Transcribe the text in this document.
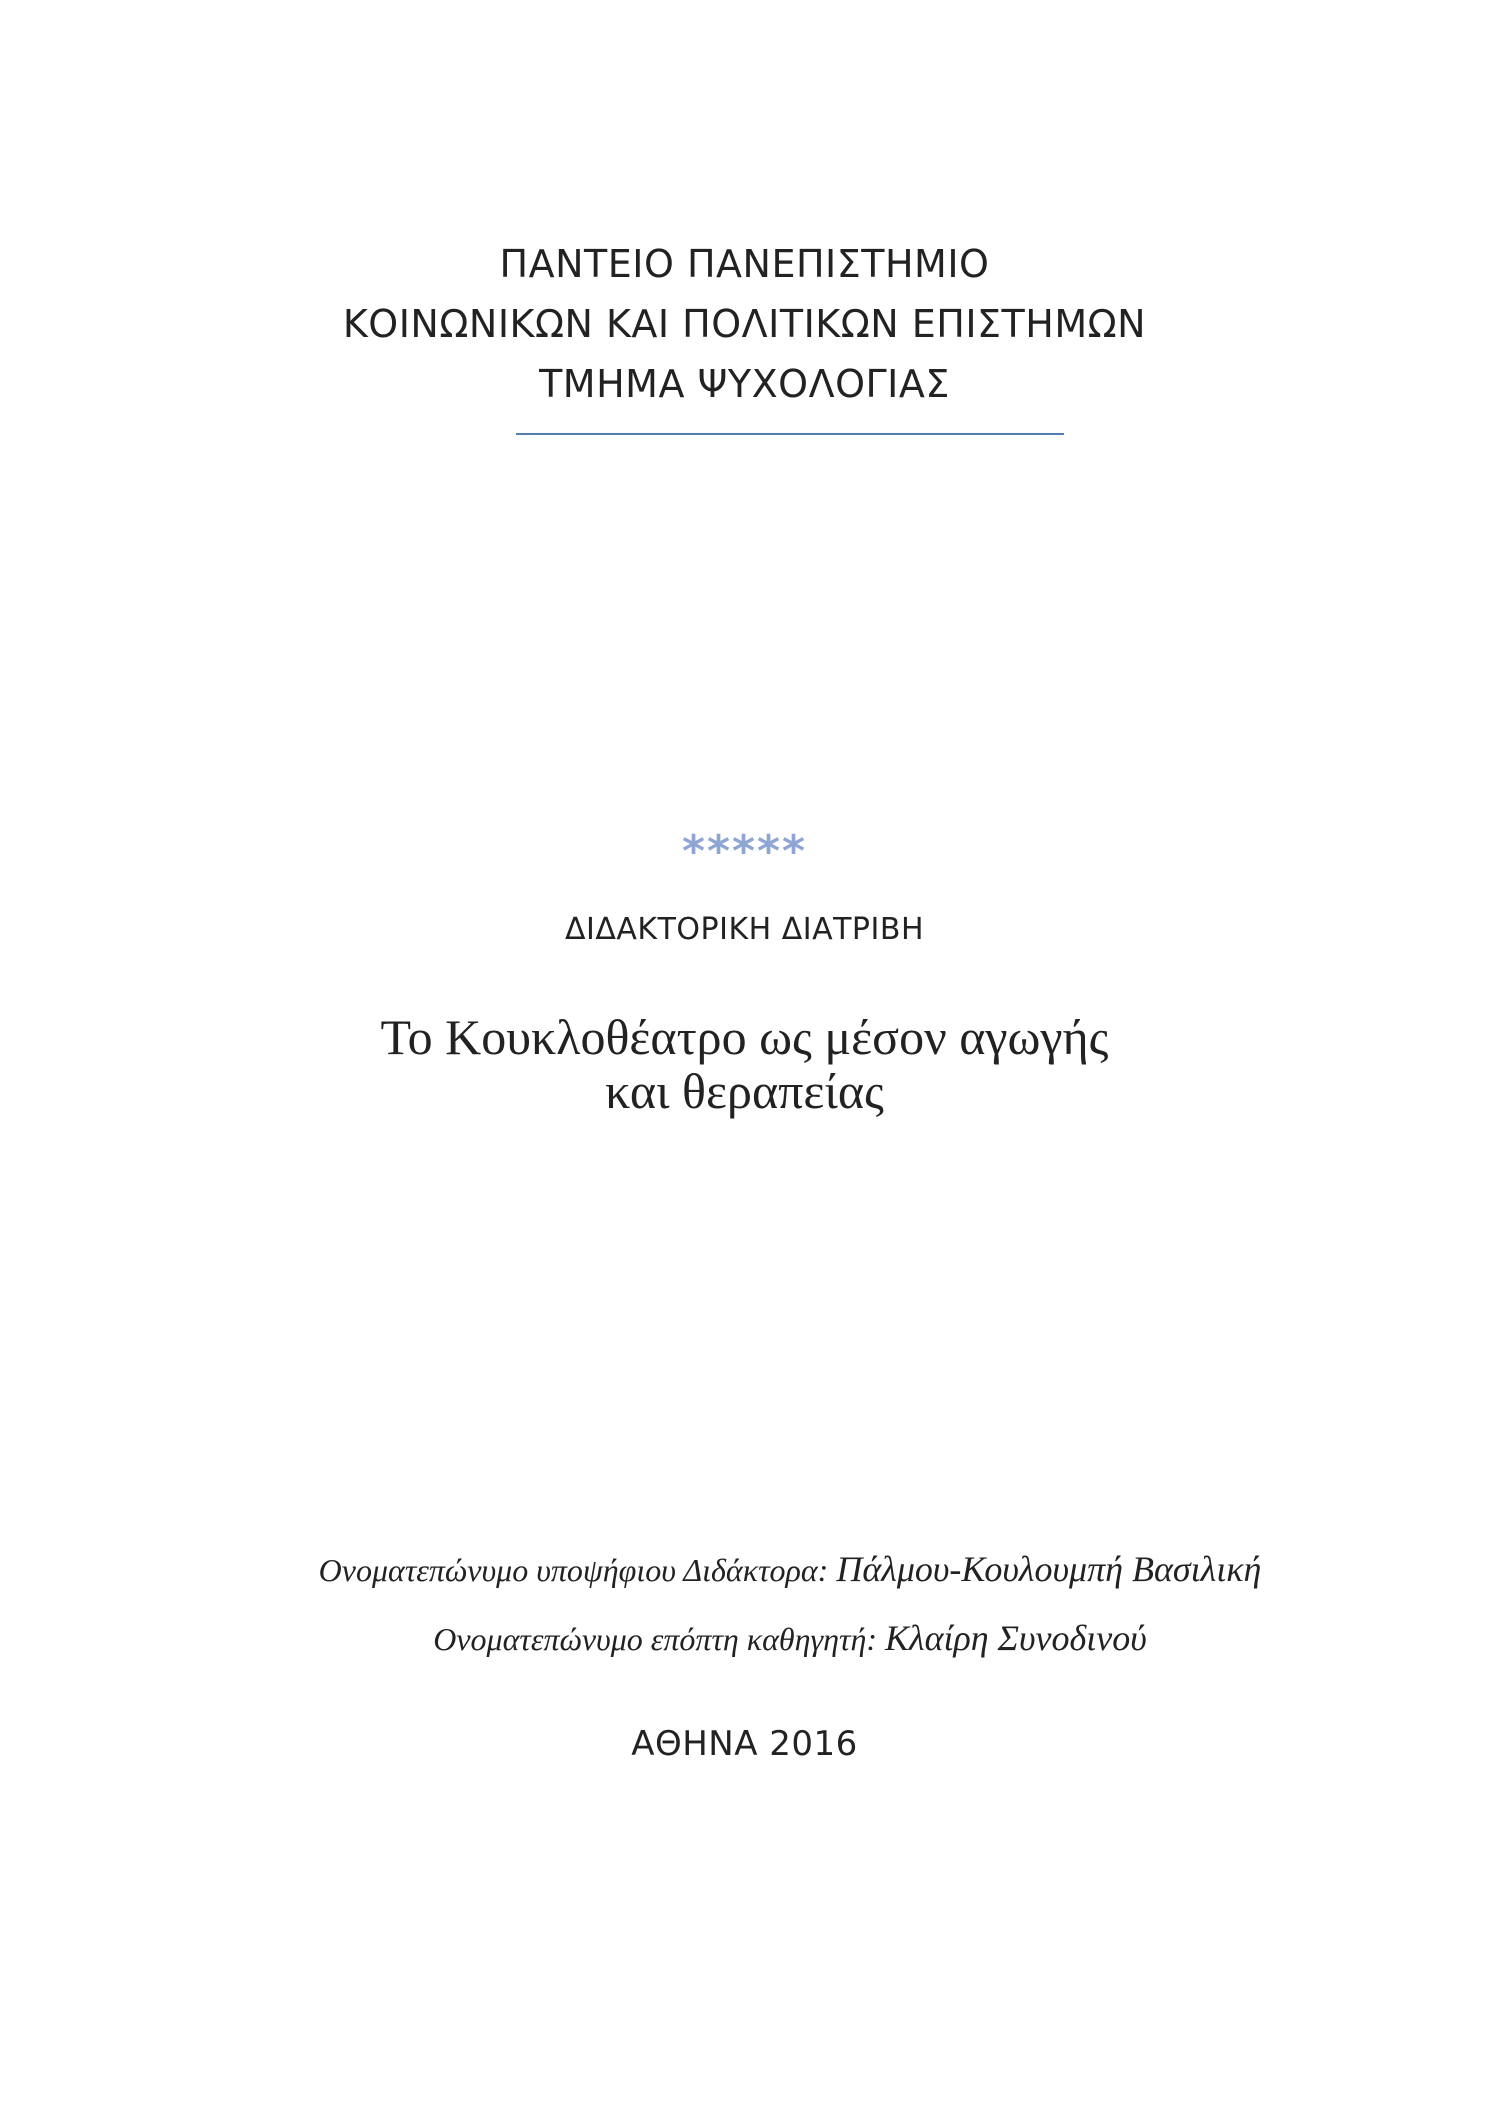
ΠΑΝΤΕΙΟ ΠΑΝΕΠΙΣΤΗΜΙΟ
ΚΟΙΝΩΝΙΚΩΝ ΚΑΙ ΠΟΛΙΤΙΚΩΝ ΕΠΙΣΤΗΜΩΝ
ΤΜΗΜΑ ΨΥΧΟΛΟΓΙΑΣ
*****
ΔΙΔΑΚΤΟΡΙΚΗ ΔΙΑΤΡΙΒΗ
Το Κουκλοθέατρο ως μέσον αγωγής
και θεραπείας
Ονοματεπώνυμο υποψήφιου Διδάκτορα: Πάλμου-Κουλουμπή Βασιλική
Ονοματεπώνυμο επόπτη καθηγητή: Κλαίρη Συνοδινού
ΑΘΗΝΑ 2016
